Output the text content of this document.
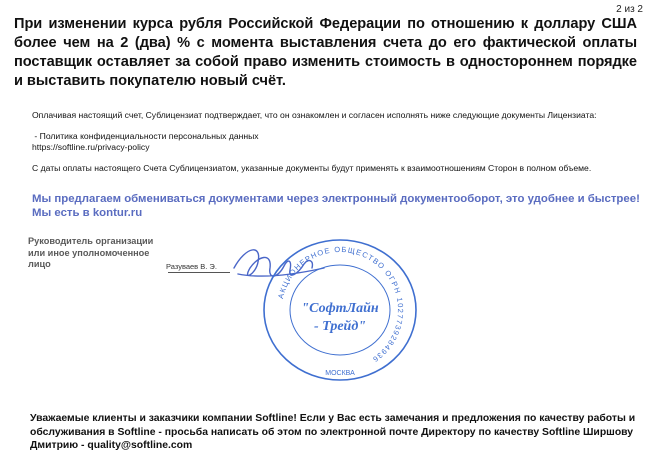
2 из 2
При изменении курса рубля Российской Федерации по отношению к доллару США более чем на 2 (два) % с момента выставления счета до его фактической оплаты поставщик оставляет за собой право изменить стоимость в одностороннем порядке и выставить покупателю новый счёт.
Оплачивая настоящий счет, Сублицензиат подтверждает, что он ознакомлен и согласен исполнять ниже следующие документы Лицензиата:
- Политика конфиденциальности персональных данных
https://softline.ru/privacy-policy
С даты оплаты настоящего Счета Сублицензиатом, указанные документы будут применять к взаимоотношениям Сторон в полном объеме.
Мы предлагаем обмениваться документами через электронный документооборот, это удобнее и быстрее!
Мы есть в kontur.ru
Руководитель организации или иное уполномоченное лицо	Разуваев В. Э.
АКЦИОНЕРНОЕ ОБЩЕСТВО ОГРН 1027739284936
МОСКВА
"СофтЛайн
- Трейд"
Уважаемые клиенты и заказчики компании Softline! Если у Вас есть замечания и предложения по качеству работы и обслуживания в Softline - просьба написать об этом по электронной почте Директору по качеству Softline Ширшову Дмитрию - quality@softline.com
